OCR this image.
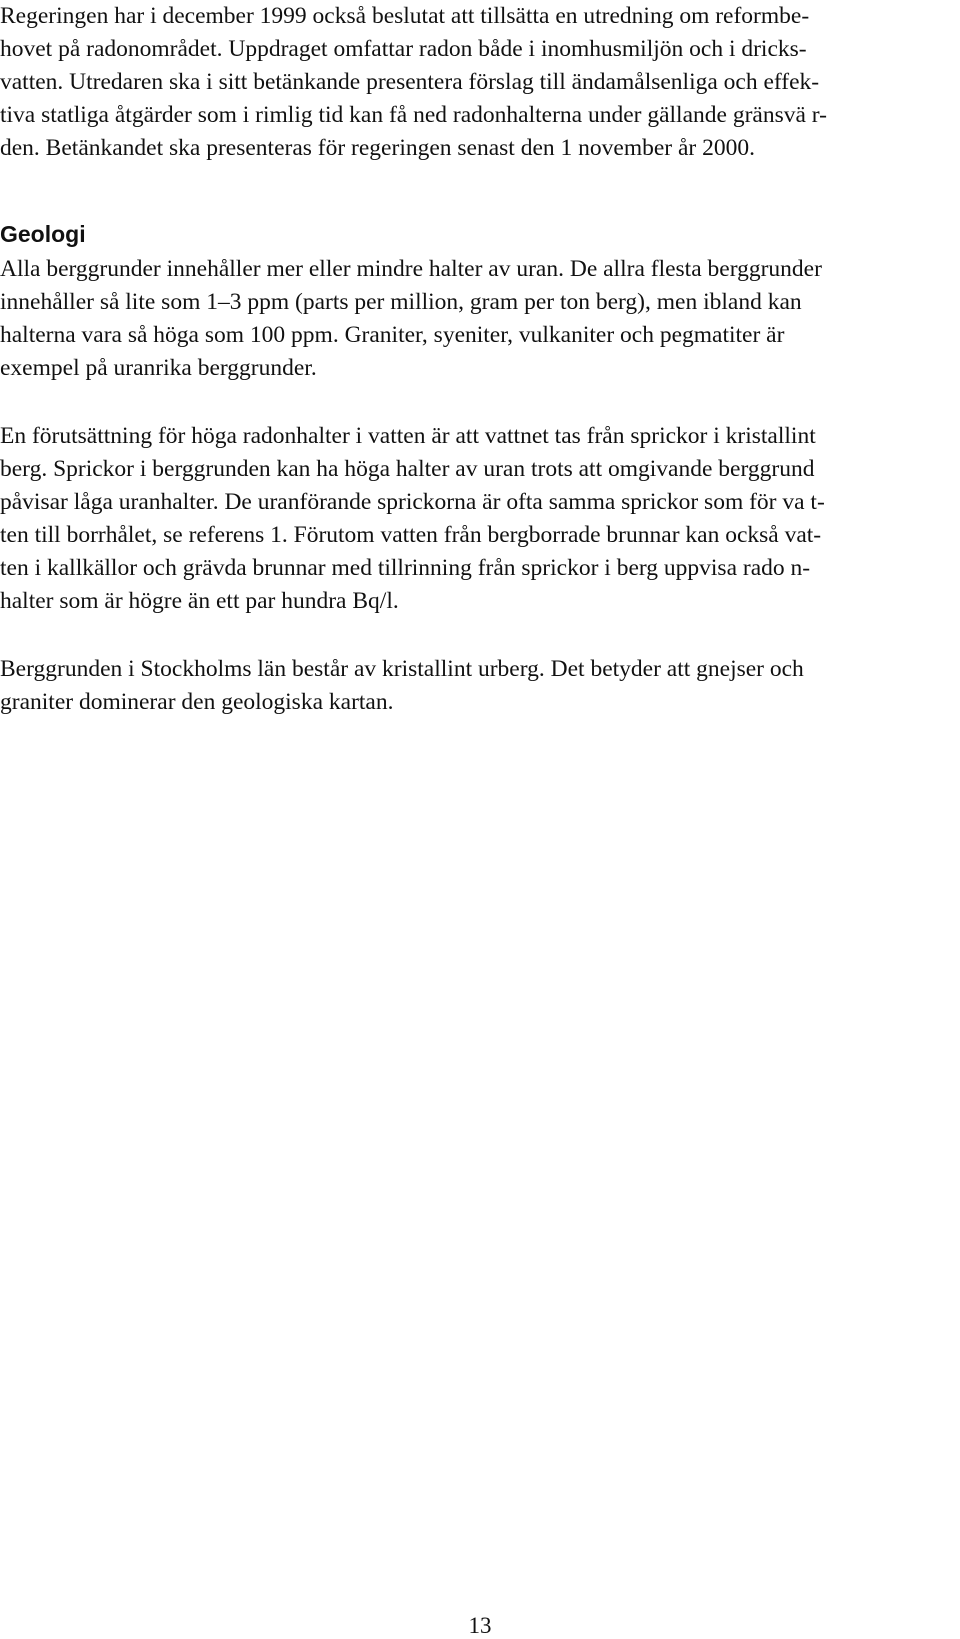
Regeringen har i december 1999 också beslutat att tillsätta en utredning om reformbe-
hovet på radonområdet. Uppdraget omfattar radon både i inomhusmiljön och i dricks-
vatten. Utredaren ska i sitt betänkande presentera förslag till ändamålsenliga och effek-
tiva statliga åtgärder som i rimlig tid kan få ned radonhalterna under gällande gränsvä r-
den. Betänkandet ska presenteras för regeringen senast den 1 november år 2000.

Geologi

Alla berggrunder innehåller mer eller mindre halter av uran. De allra flesta berggrunder
innehåller så lite som 1–3 ppm (parts per million, gram per ton berg), men ibland kan
halterna vara så höga som 100 ppm. Graniter, syeniter, vulkaniter och pegmatiter är
exempel på uranrika berggrunder.

En förutsättning för höga radonhalter i vatten är att vattnet tas från sprickor i kristallint
berg. Sprickor i berggrunden kan ha höga halter av uran trots att omgivande berggrund
påvisar låga uranhalter. De uranförande sprickorna är ofta samma sprickor som för va t-
ten till borrhålet, se referens 1. Förutom vatten från bergborrade brunnar kan också vat-
ten i kallkällor och grävda brunnar med tillrinning från sprickor i berg uppvisa rado n-
halter som är högre än ett par hundra Bq/l.

Berggrunden i Stockholms län består av kristallint urberg. Det betyder att gnejser och
graniter dominerar den geologiska kartan.

13
